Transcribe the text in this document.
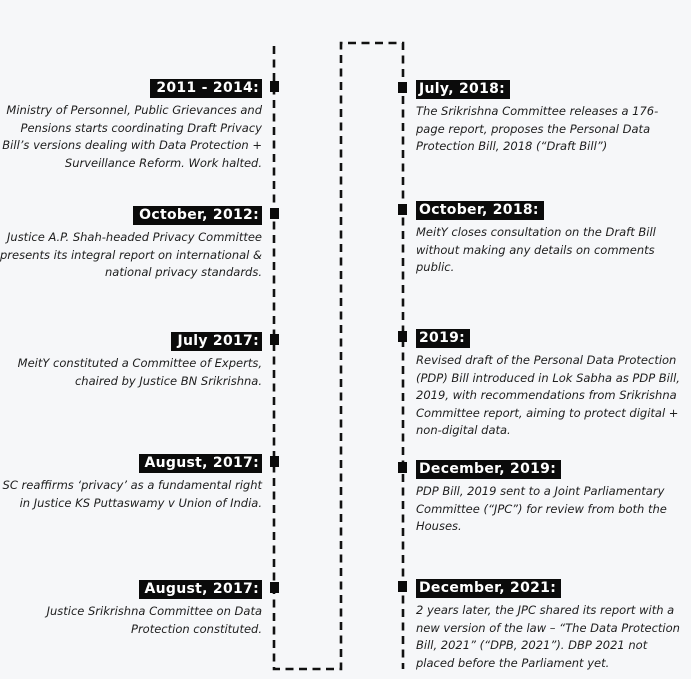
2011 - 2014:

Ministry of Personnel, Public Grievances and Pensions starts coordinating Draft Privacy Bill’s versions dealing with Data Protection + Surveillance Reform. Work halted.

October, 2012:

Justice A.P. Shah-headed Privacy Committee presents its integral report on international & national privacy standards.

July 2017:

MeitY constituted a Committee of Experts, chaired by Justice BN Srikrishna.

August, 2017:

SC reaffirms ‘privacy’ as a fundamental right in Justice KS Puttaswamy v Union of India.

August, 2017:

Justice Srikrishna Committee on Data Protection constituted.

July, 2018:

The Srikrishna Committee releases a 176-page report, proposes the Personal Data Protection Bill, 2018 (“Draft Bill”)

October, 2018:

MeitY closes consultation on the Draft Bill without making any details on comments public.

2019:

Revised draft of the Personal Data Protection (PDP) Bill introduced in Lok Sabha as PDP Bill, 2019, with recommendations from Srikrishna Committee report, aiming to protect digital + non-digital data.

December, 2019:

PDP Bill, 2019 sent to a Joint Parliamentary Committee (“JPC”) for review from both the Houses.

December, 2021:

2 years later, the JPC shared its report with a new version of the law – “The Data Protection Bill, 2021” (“DPB, 2021”). DBP 2021 not placed before the Parliament yet.
